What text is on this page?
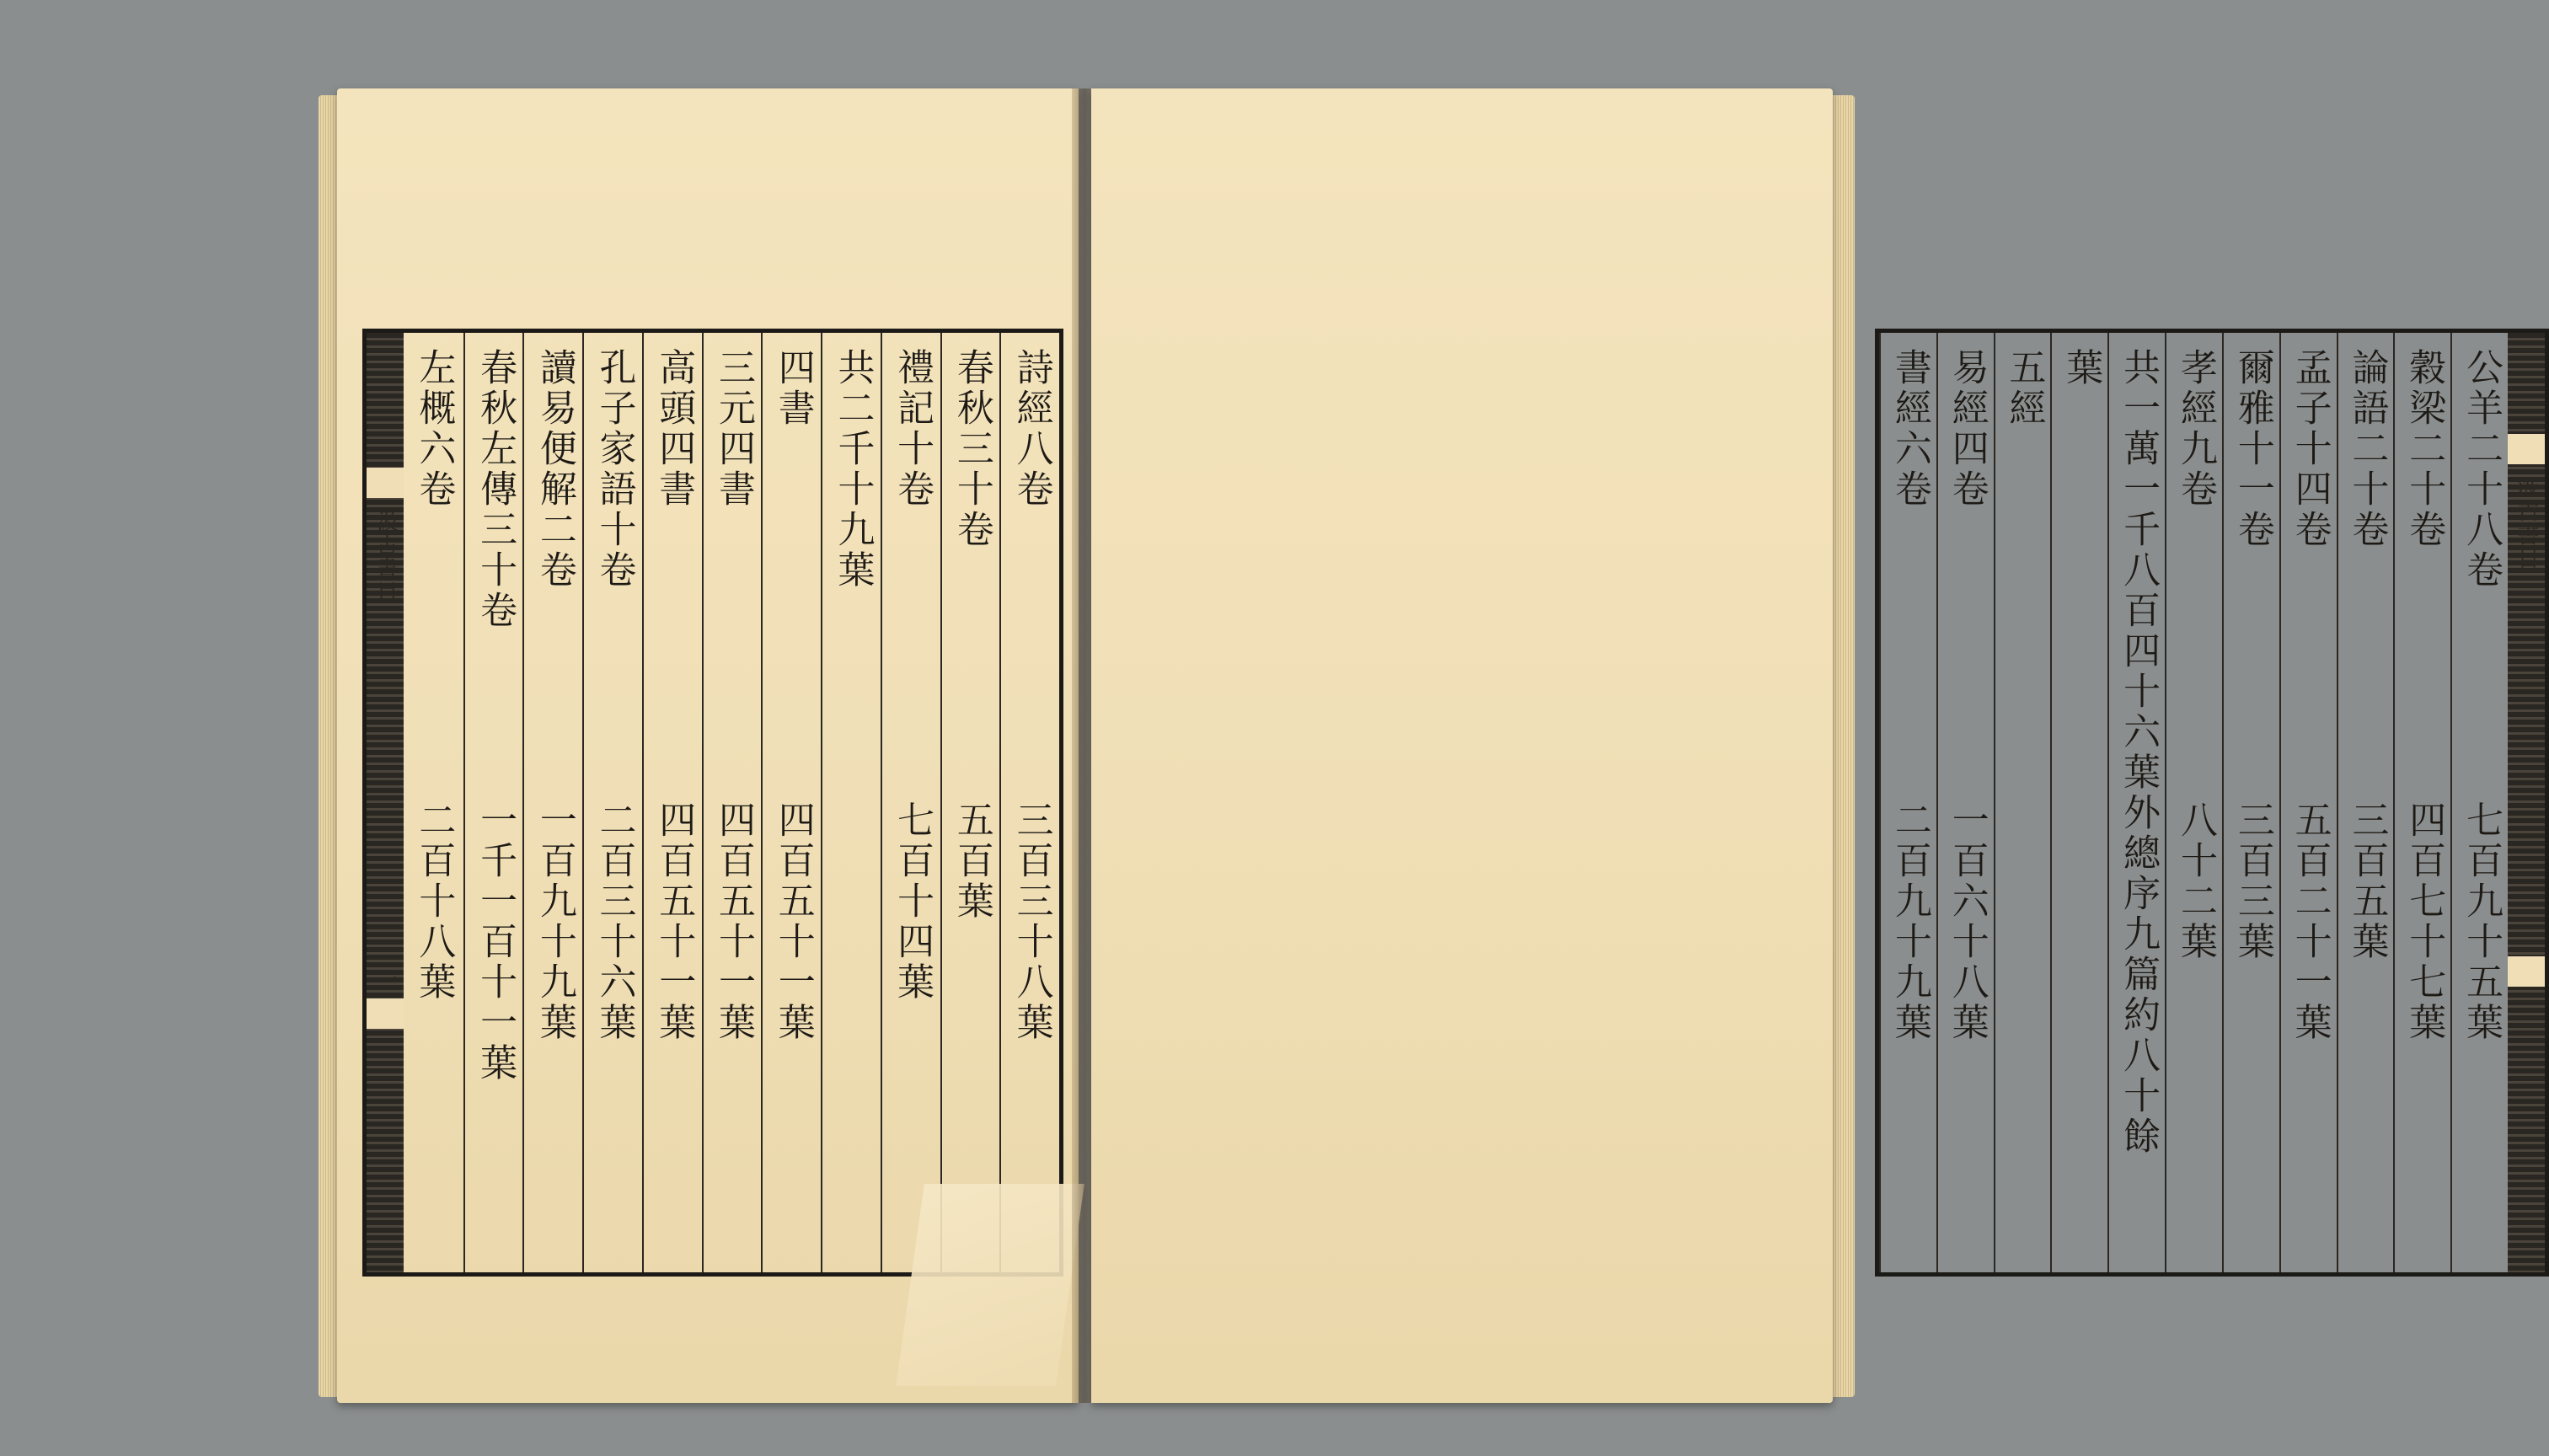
汲古書目
二
詩經八卷
三百三十八葉
春秋三十卷
五百葉
禮記十卷
七百十四葉
共二千十九葉
四書
四百五十一葉
三元四書
四百五十一葉
高頭四書
四百五十一葉
孔子家語十卷
二百三十六葉
讀易便解二卷
一百九十九葉
春秋左傳三十卷
一千一百十一葉
左概六卷
二百十八葉

汲古書目
一
公羊二十八卷
七百九十五葉
穀梁二十卷
四百七十七葉
論語二十卷
三百五葉
孟子十四卷
五百二十一葉
爾雅十一卷
三百三葉
孝經九卷
八十二葉
共一萬一千八百四十六葉外總序九篇約八十餘
葉
五經
易經四卷
一百六十八葉
書經六卷
二百九十九葉
